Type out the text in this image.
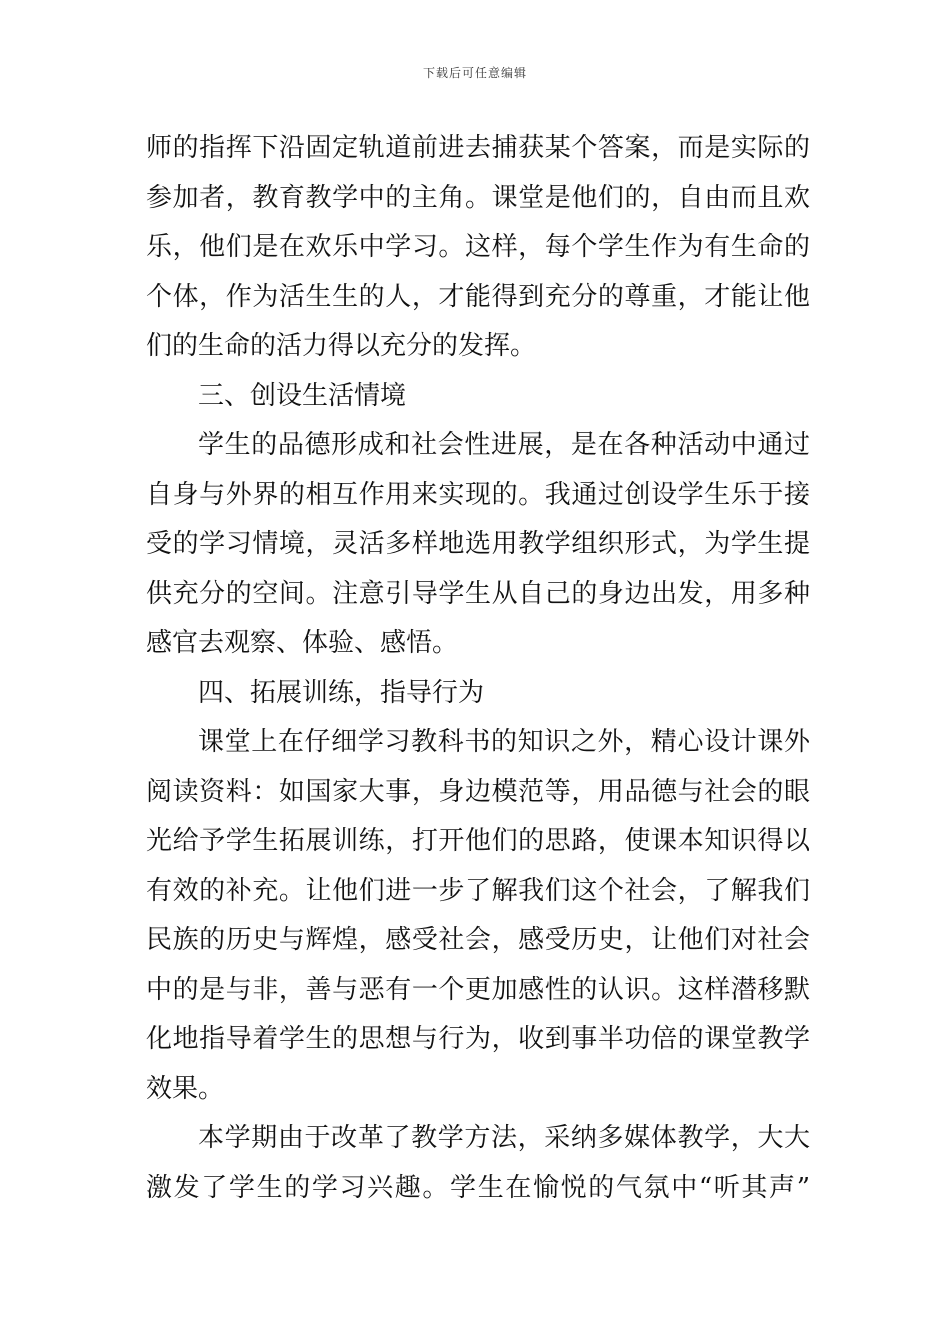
下载后可任意编辑
师的指挥下沿固定轨道前进去捕获某个答案，而是实际的
参加者，教育教学中的主角。课堂是他们的，自由而且欢
乐，他们是在欢乐中学习。这样，每个学生作为有生命的
个体，作为活生生的人，才能得到充分的尊重，才能让他
们的生命的活力得以充分的发挥。
三、创设生活情境
学生的品德形成和社会性进展，是在各种活动中通过
自身与外界的相互作用来实现的。我通过创设学生乐于接
受的学习情境，灵活多样地选用教学组织形式，为学生提
供充分的空间。注意引导学生从自己的身边出发，用多种
感官去观察、体验、感悟。
四、拓展训练，指导行为
课堂上在仔细学习教科书的知识之外，精心设计课外
阅读资料：如国家大事，身边模范等，用品德与社会的眼
光给予学生拓展训练，打开他们的思路，使课本知识得以
有效的补充。让他们进一步了解我们这个社会，了解我们
民族的历史与辉煌，感受社会，感受历史，让他们对社会
中的是与非，善与恶有一个更加感性的认识。这样潜移默
化地指导着学生的思想与行为，收到事半功倍的课堂教学
效果。
本学期由于改革了教学方法，采纳多媒体教学，大大
激发了学生的学习兴趣。学生在愉悦的气氛中“听其声”
